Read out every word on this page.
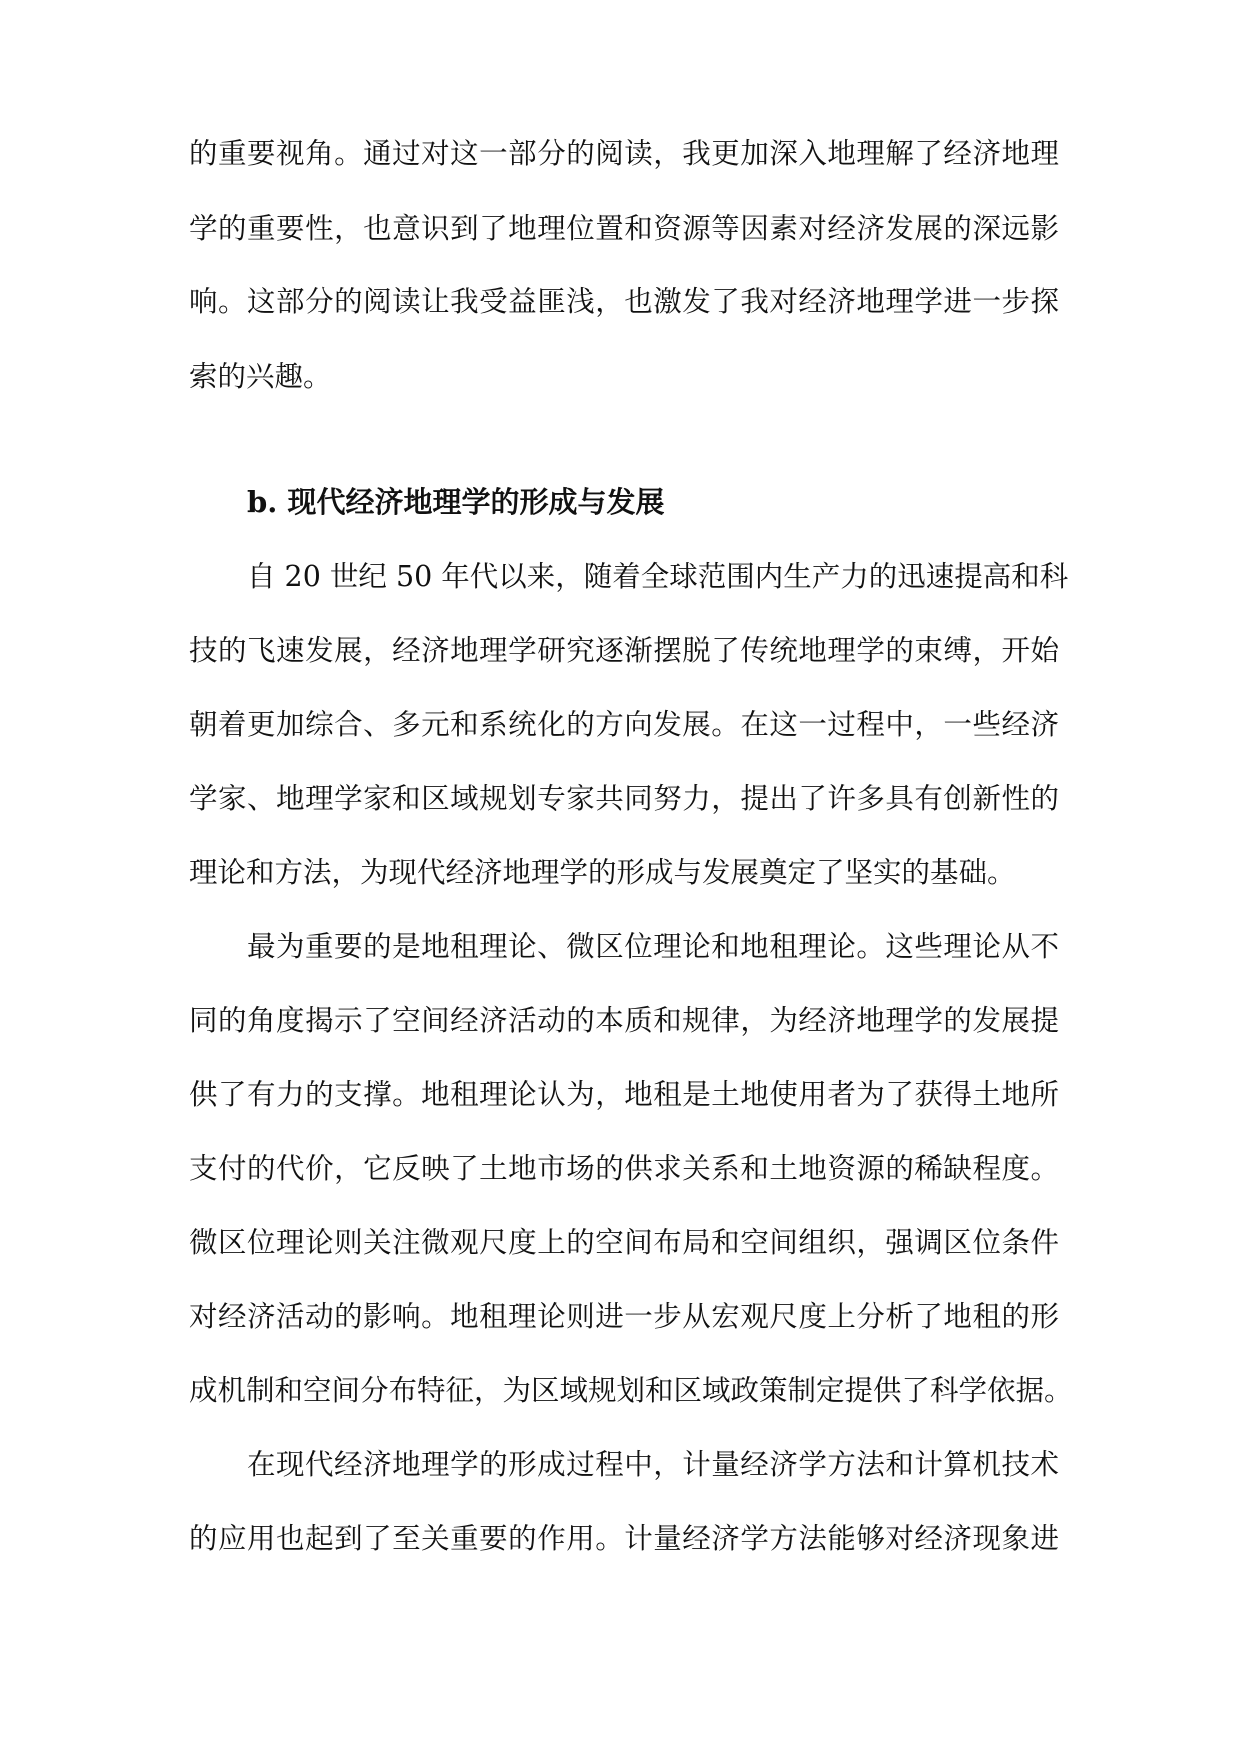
的重要视角。通过对这一部分的阅读，我更加深入地理解了经济地理
学的重要性，也意识到了地理位置和资源等因素对经济发展的深远影
响。这部分的阅读让我受益匪浅，也激发了我对经济地理学进一步探
索的兴趣。
b. 现代经济地理学的形成与发展
自 20 世纪 50 年代以来，随着全球范围内生产力的迅速提高和科
技的飞速发展，经济地理学研究逐渐摆脱了传统地理学的束缚，开始
朝着更加综合、多元和系统化的方向发展。在这一过程中，一些经济
学家、地理学家和区域规划专家共同努力，提出了许多具有创新性的
理论和方法，为现代经济地理学的形成与发展奠定了坚实的基础。
最为重要的是地租理论、微区位理论和地租理论。这些理论从不
同的角度揭示了空间经济活动的本质和规律，为经济地理学的发展提
供了有力的支撑。地租理论认为，地租是土地使用者为了获得土地所
支付的代价，它反映了土地市场的供求关系和土地资源的稀缺程度。
微区位理论则关注微观尺度上的空间布局和空间组织，强调区位条件
对经济活动的影响。地租理论则进一步从宏观尺度上分析了地租的形
成机制和空间分布特征，为区域规划和区域政策制定提供了科学依据。
在现代经济地理学的形成过程中，计量经济学方法和计算机技术
的应用也起到了至关重要的作用。计量经济学方法能够对经济现象进
